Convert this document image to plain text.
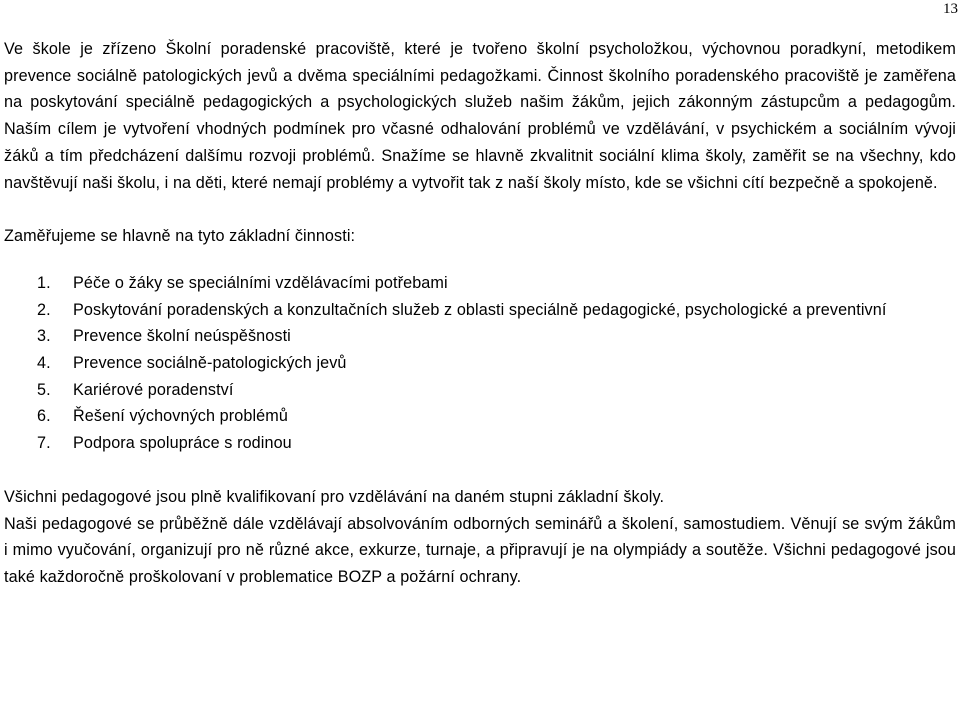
13

Ve škole je zřízeno Školní poradenské pracoviště, které je tvořeno školní psycholožkou, výchovnou poradkyní, metodikem prevence sociálně patologických jevů a dvěma speciálními pedagožkami. Činnost školního poradenského pracoviště je zaměřena na poskytování speciálně pedagogických a psychologických služeb našim žákům, jejich zákonným zástupcům a pedagogům. Naším cílem je vytvoření vhodných podmínek pro včasné odhalování problémů ve vzdělávání, v psychickém a sociálním vývoji žáků a tím předcházení dalšímu rozvoji problémů. Snažíme se hlavně zkvalitnit sociální klima školy, zaměřit se na všechny, kdo navštěvují naši školu, i na děti, které nemají problémy a vytvořit tak z naší školy místo, kde se všichni cítí bezpečně a spokojeně.

Zaměřujeme se hlavně na tyto základní činnosti:

1. Péče o žáky se speciálními vzdělávacími potřebami
2. Poskytování poradenských a konzultačních služeb z oblasti speciálně pedagogické, psychologické a preventivní
3. Prevence školní neúspěšnosti
4. Prevence sociálně-patologických jevů
5. Kariérové poradenství
6. Řešení výchovných problémů
7. Podpora spolupráce s rodinou

Všichni pedagogové jsou plně kvalifikovaní pro vzdělávání na daném stupni základní školy.

Naši pedagogové se průběžně dále vzdělávají absolvováním odborných seminářů a školení, samostudiem. Věnují se svým žákům i mimo vyučování, organizují pro ně různé akce, exkurze, turnaje, a připravují je na olympiády a soutěže. Všichni pedagogové jsou také každoročně proškolovaní v problematice BOZP a požární ochrany.
